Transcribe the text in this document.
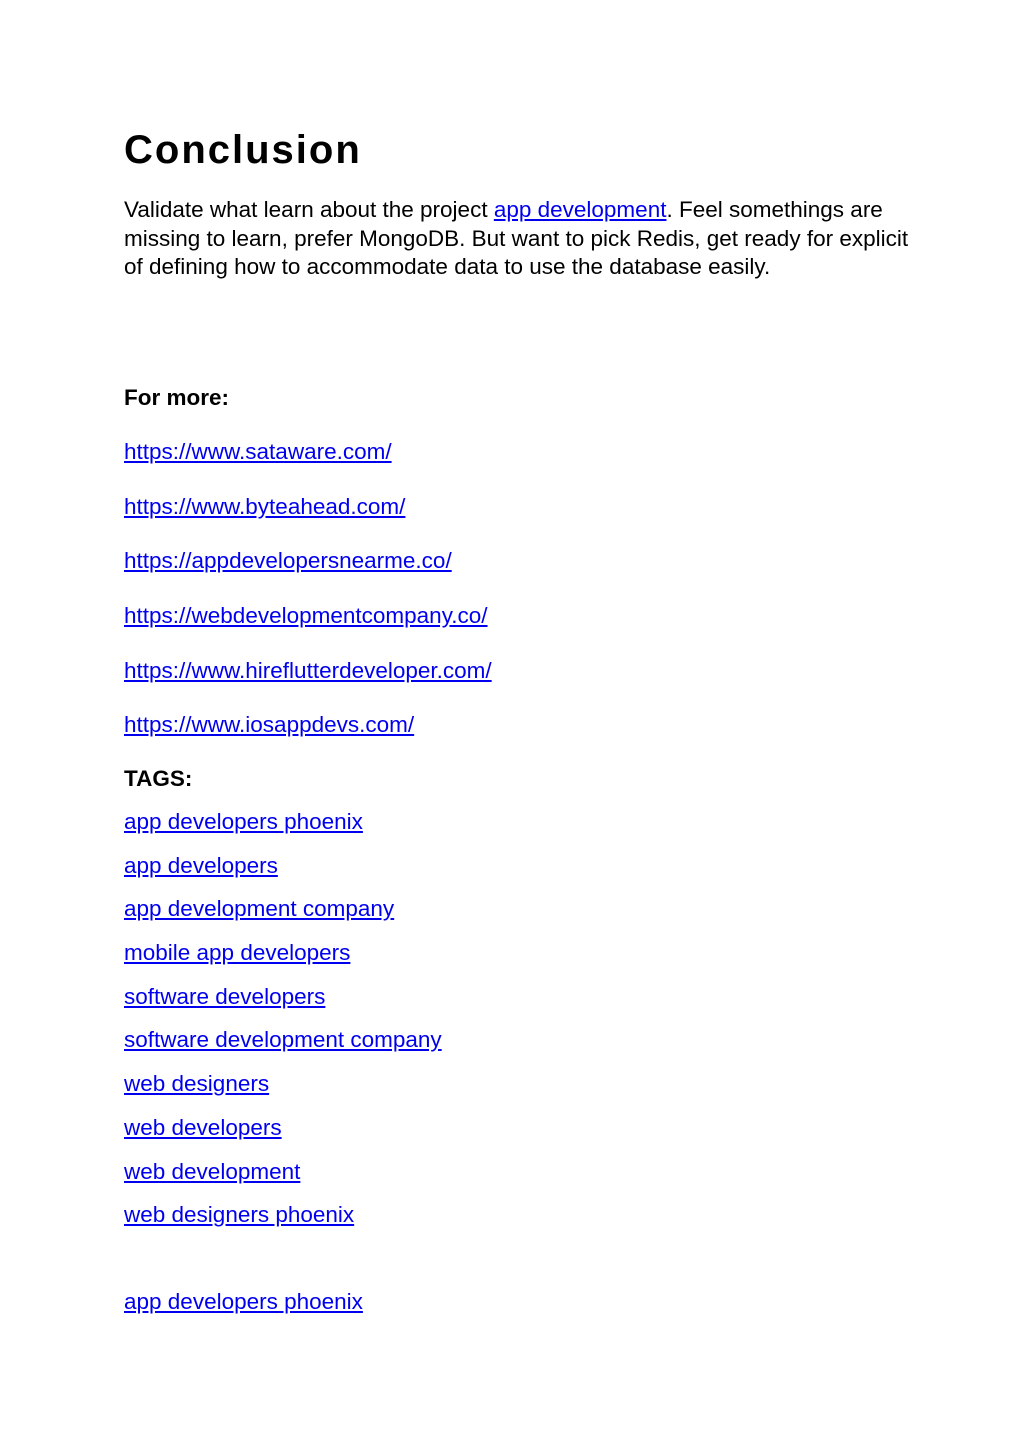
Conclusion

Validate what learn about the project app development. Feel somethings are missing to learn, prefer MongoDB. But want to pick Redis, get ready for explicit of defining how to accommodate data to use the database easily.

For more:
https://www.sataware.com/
https://www.byteahead.com/
https://appdevelopersnearme.co/
https://webdevelopmentcompany.co/
https://www.hireflutterdeveloper.com/
https://www.iosappdevs.com/
TAGS:
app developers phoenix
app developers
app development company
mobile app developers
software developers
software development company
web designers
web developers
web development
web designers phoenix

app developers phoenix
